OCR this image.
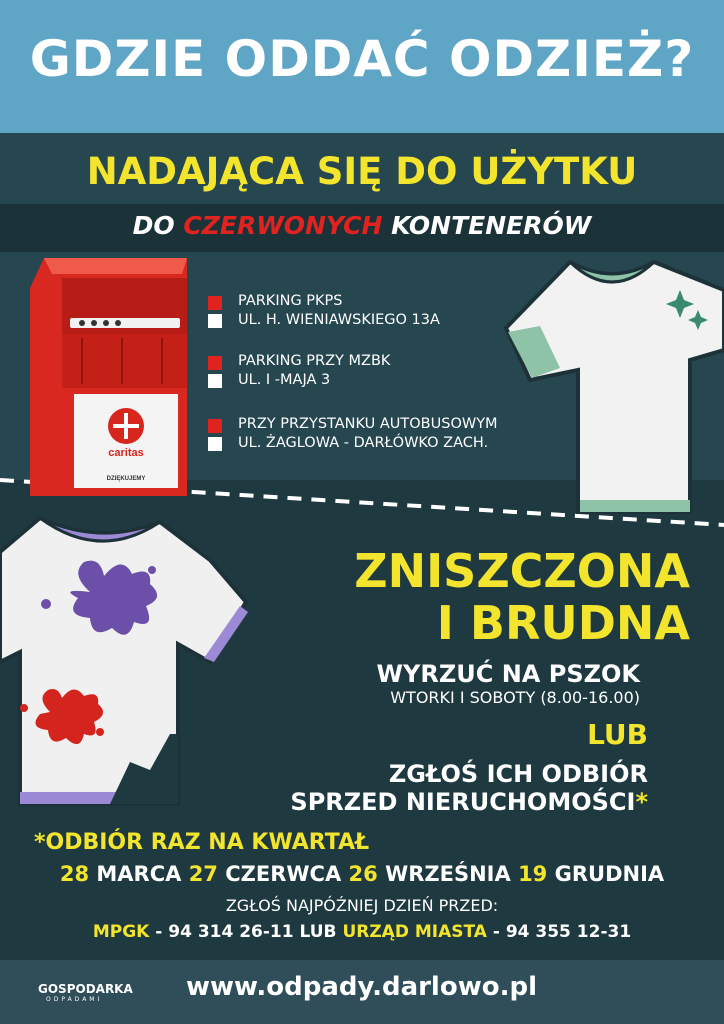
GDZIE ODDAĆ ODZIEŻ?
NADAJĄCA SIĘ DO UŻYTKU
DO CZERWONYCH KONTENERÓW
caritas
DZIĘKUJEMY
PARKING PKPS
UL. H. WIENIAWSKIEGO 13A
PARKING PRZY MZBK
UL. I -MAJA 3
PRZY PRZYSTANKU AUTOBUSOWYM
UL. ŻAGLOWA - DARŁÓWKO ZACH.
ZNISZCZONA
I BRUDNA
WYRZUĆ NA PSZOK
WTORKI I SOBOTY (8.00-16.00)
LUB
ZGŁOŚ ICH ODBIÓR
SPRZED NIERUCHOMOŚCI*
*ODBIÓR RAZ NA KWARTAŁ
28 MARCA 27 CZERWCA 26 WRZEŚNIA 19 GRUDNIA
ZGŁOŚ NAJPÓŹNIEJ DZIEŃ PRZED:
MPGK - 94 314 26-11 LUB URZĄD MIASTA - 94 355 12-31
GOSPODARKA
ODPADAMI	www.odpady.darlowo.pl
